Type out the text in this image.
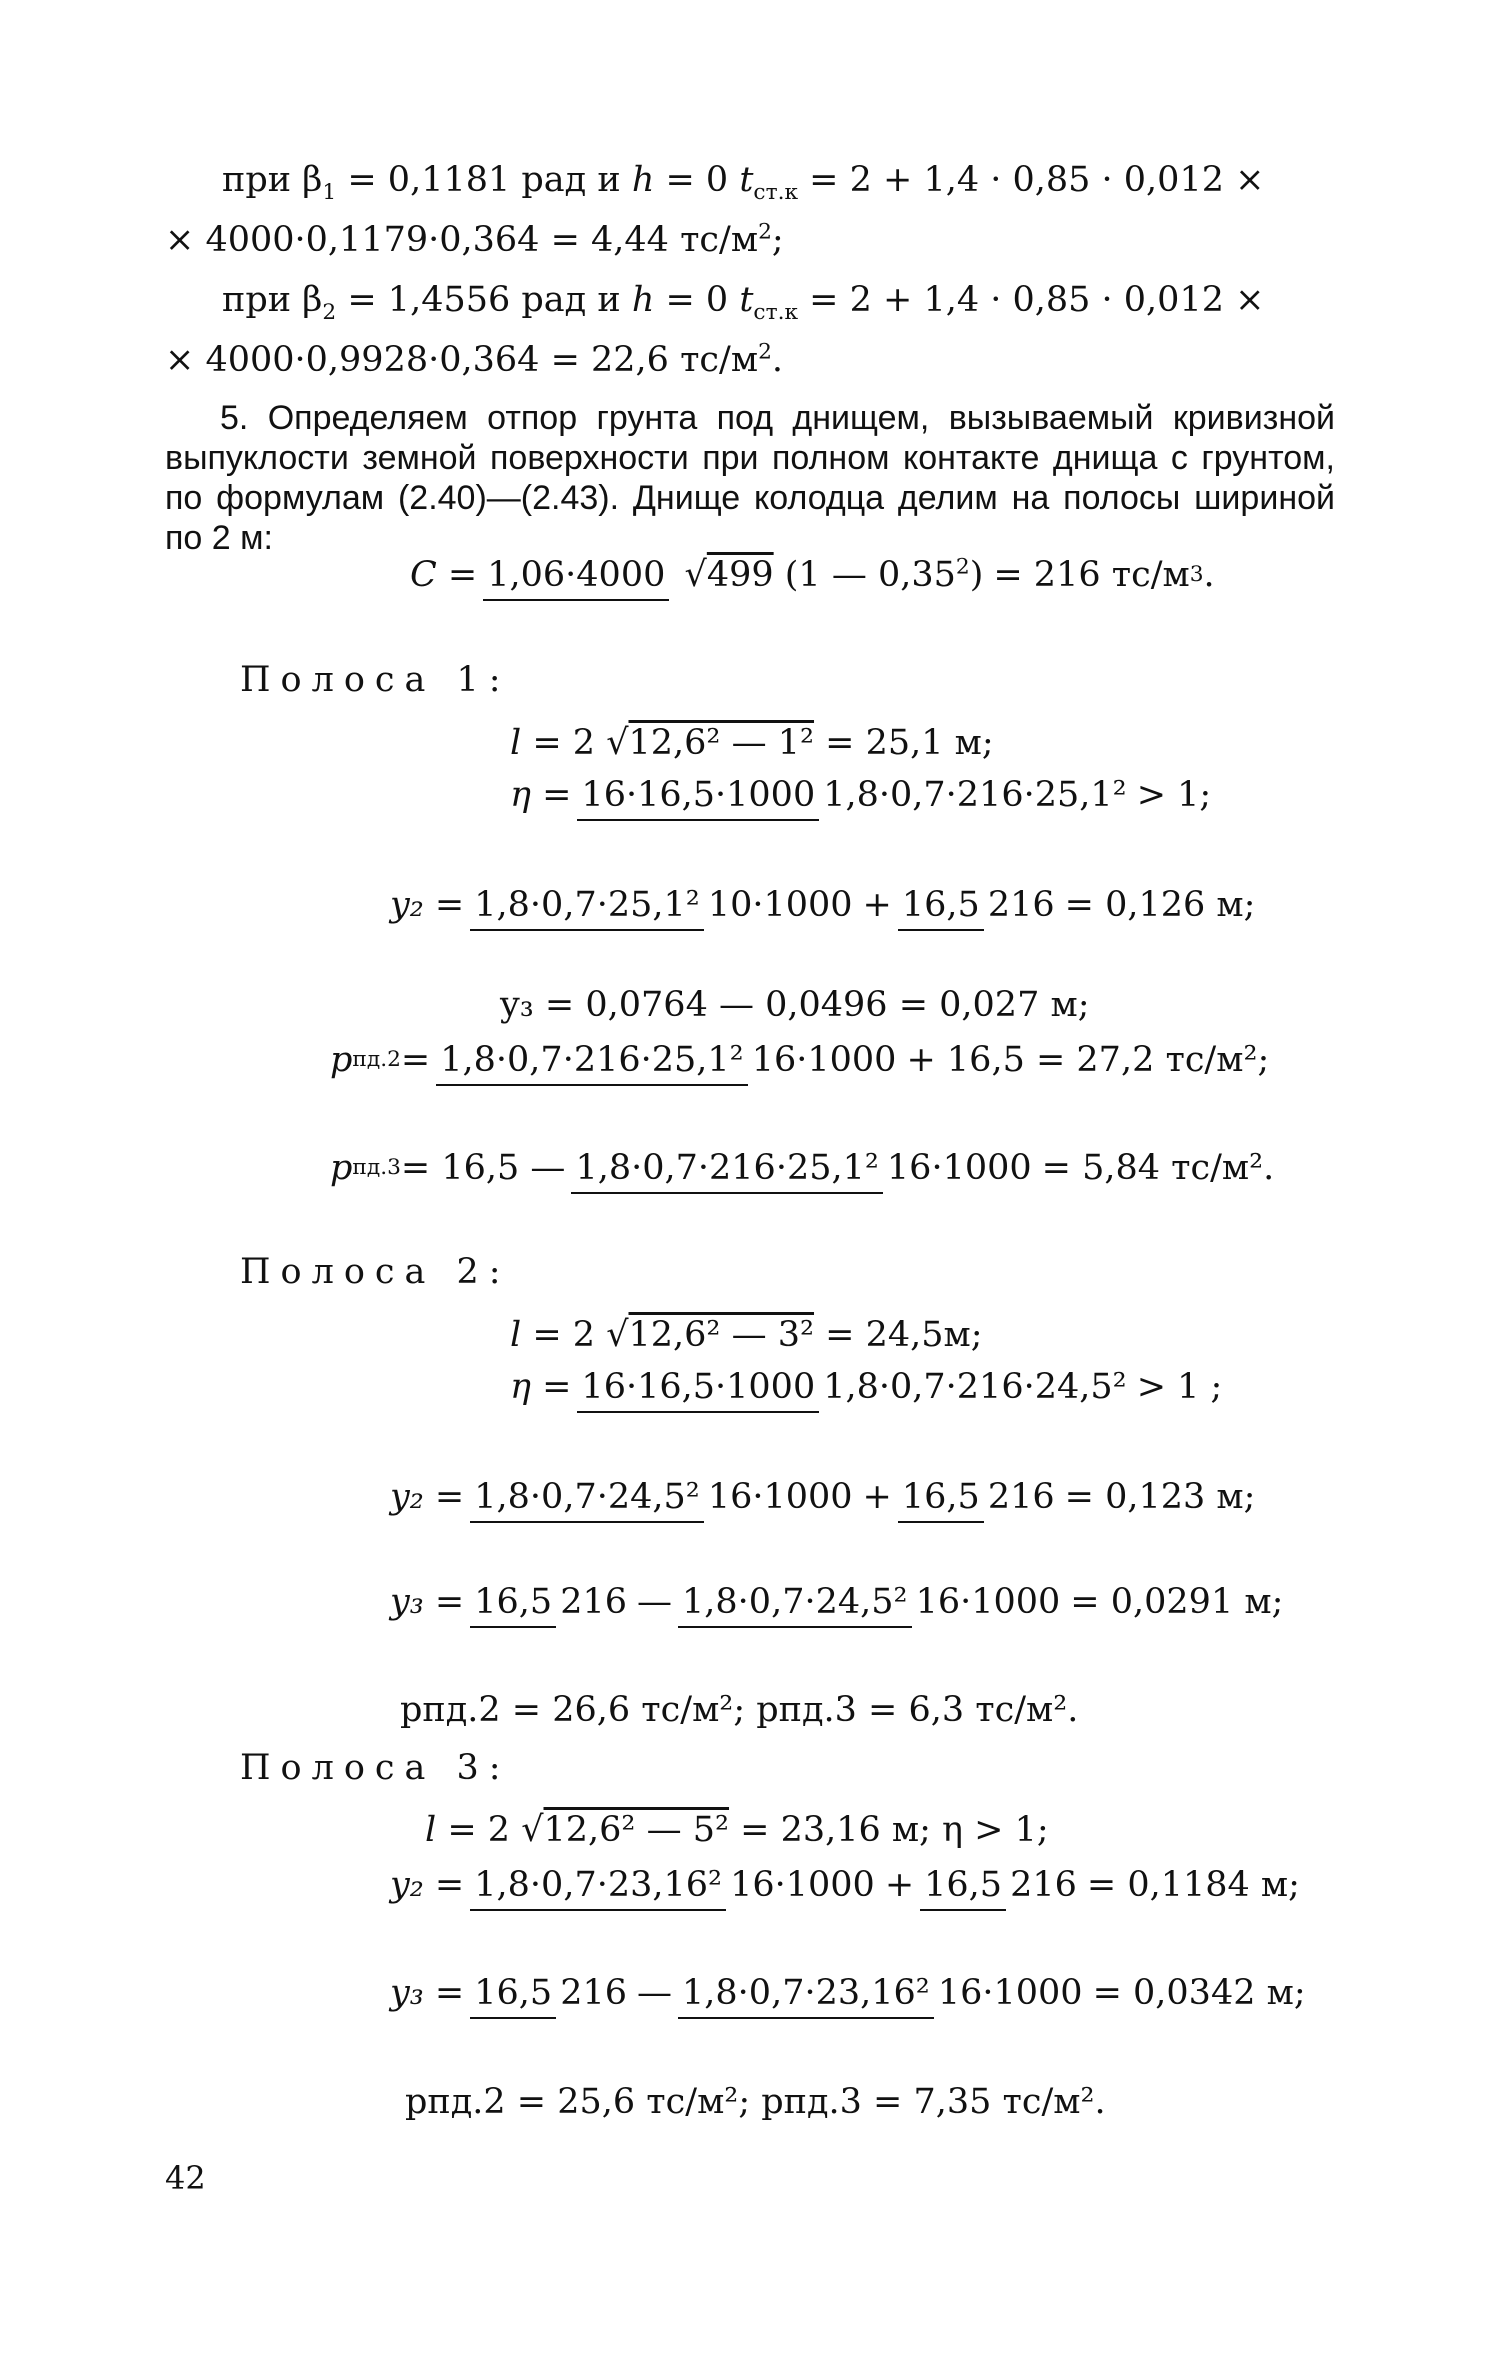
при $\beta_1 = 0,1181$ рад и h = 0 $t_{ст.к} = 2 + 1,4 \cdot 0,85 \cdot 0,012$ ×
× 4000·0,1179·0,364 = 4,44 $тс/м^2$;
при $\beta_2 = 1,4556$ рад и h = 0 $t_{ст.к} = 2 + 1,4 \cdot 0,85 \cdot 0,012$ ×
× 4000·0,9928·0,364 = 22,6 $тс/м^2$.
5. Определяем отпор грунта под днищем, вызываемый кривизной выпуклости земной поверхности при полном контакте днища с грунтом, по формулам (2.40)—(2.43). Днище колодца делим на полосы шириной по 2 м:
C = 1,06·4000 √499 (1 — $0,35^2) = 216$ тс/м 3 .
Полоса 1:
l = 2 √12,6² — 1² = 25,1 м;
η = 16·16,5·1000 1,8·0,7·216·25,1² > 1;
y₂ = 1,8·0,7·25,1² 10·1000 + 16,5 216 = 0,126 м;
y₃ = 0,0764 — 0,0496 = 0,027 м;
p пд.2 = 1,8·0,7·216·25,1² 16·1000 + 16,5 = 27,2 тс/м²;
p пд.3 = 16,5 — 1,8·0,7·216·25,1² 16·1000 = 5,84 тс/м².
Полоса 2:
l = 2 √12,6² — 3² = 24,5м;
η = 16·16,5·1000 1,8·0,7·216·24,5² > 1 ;
y₂ = 1,8·0,7·24,5² 16·1000 + 16,5 216 = 0,123 м;
y₃ = 16,5 216 — 1,8·0,7·24,5² 16·1000 = 0,0291 м;
pпд.2 = 26,6 тс/м²; pпд.3 = 6,3 тс/м².
Полоса 3:
l = 2 √12,6² — 5² = 23,16 м; η > 1;
y₂ = 1,8·0,7·23,16² 16·1000 + 16,5 216 = 0,1184 м;
y₃ = 16,5 216 — 1,8·0,7·23,16² 16·1000 = 0,0342 м;
pпд.2 = 25,6 тс/м²; pпд.3 = 7,35 тс/м².
42
